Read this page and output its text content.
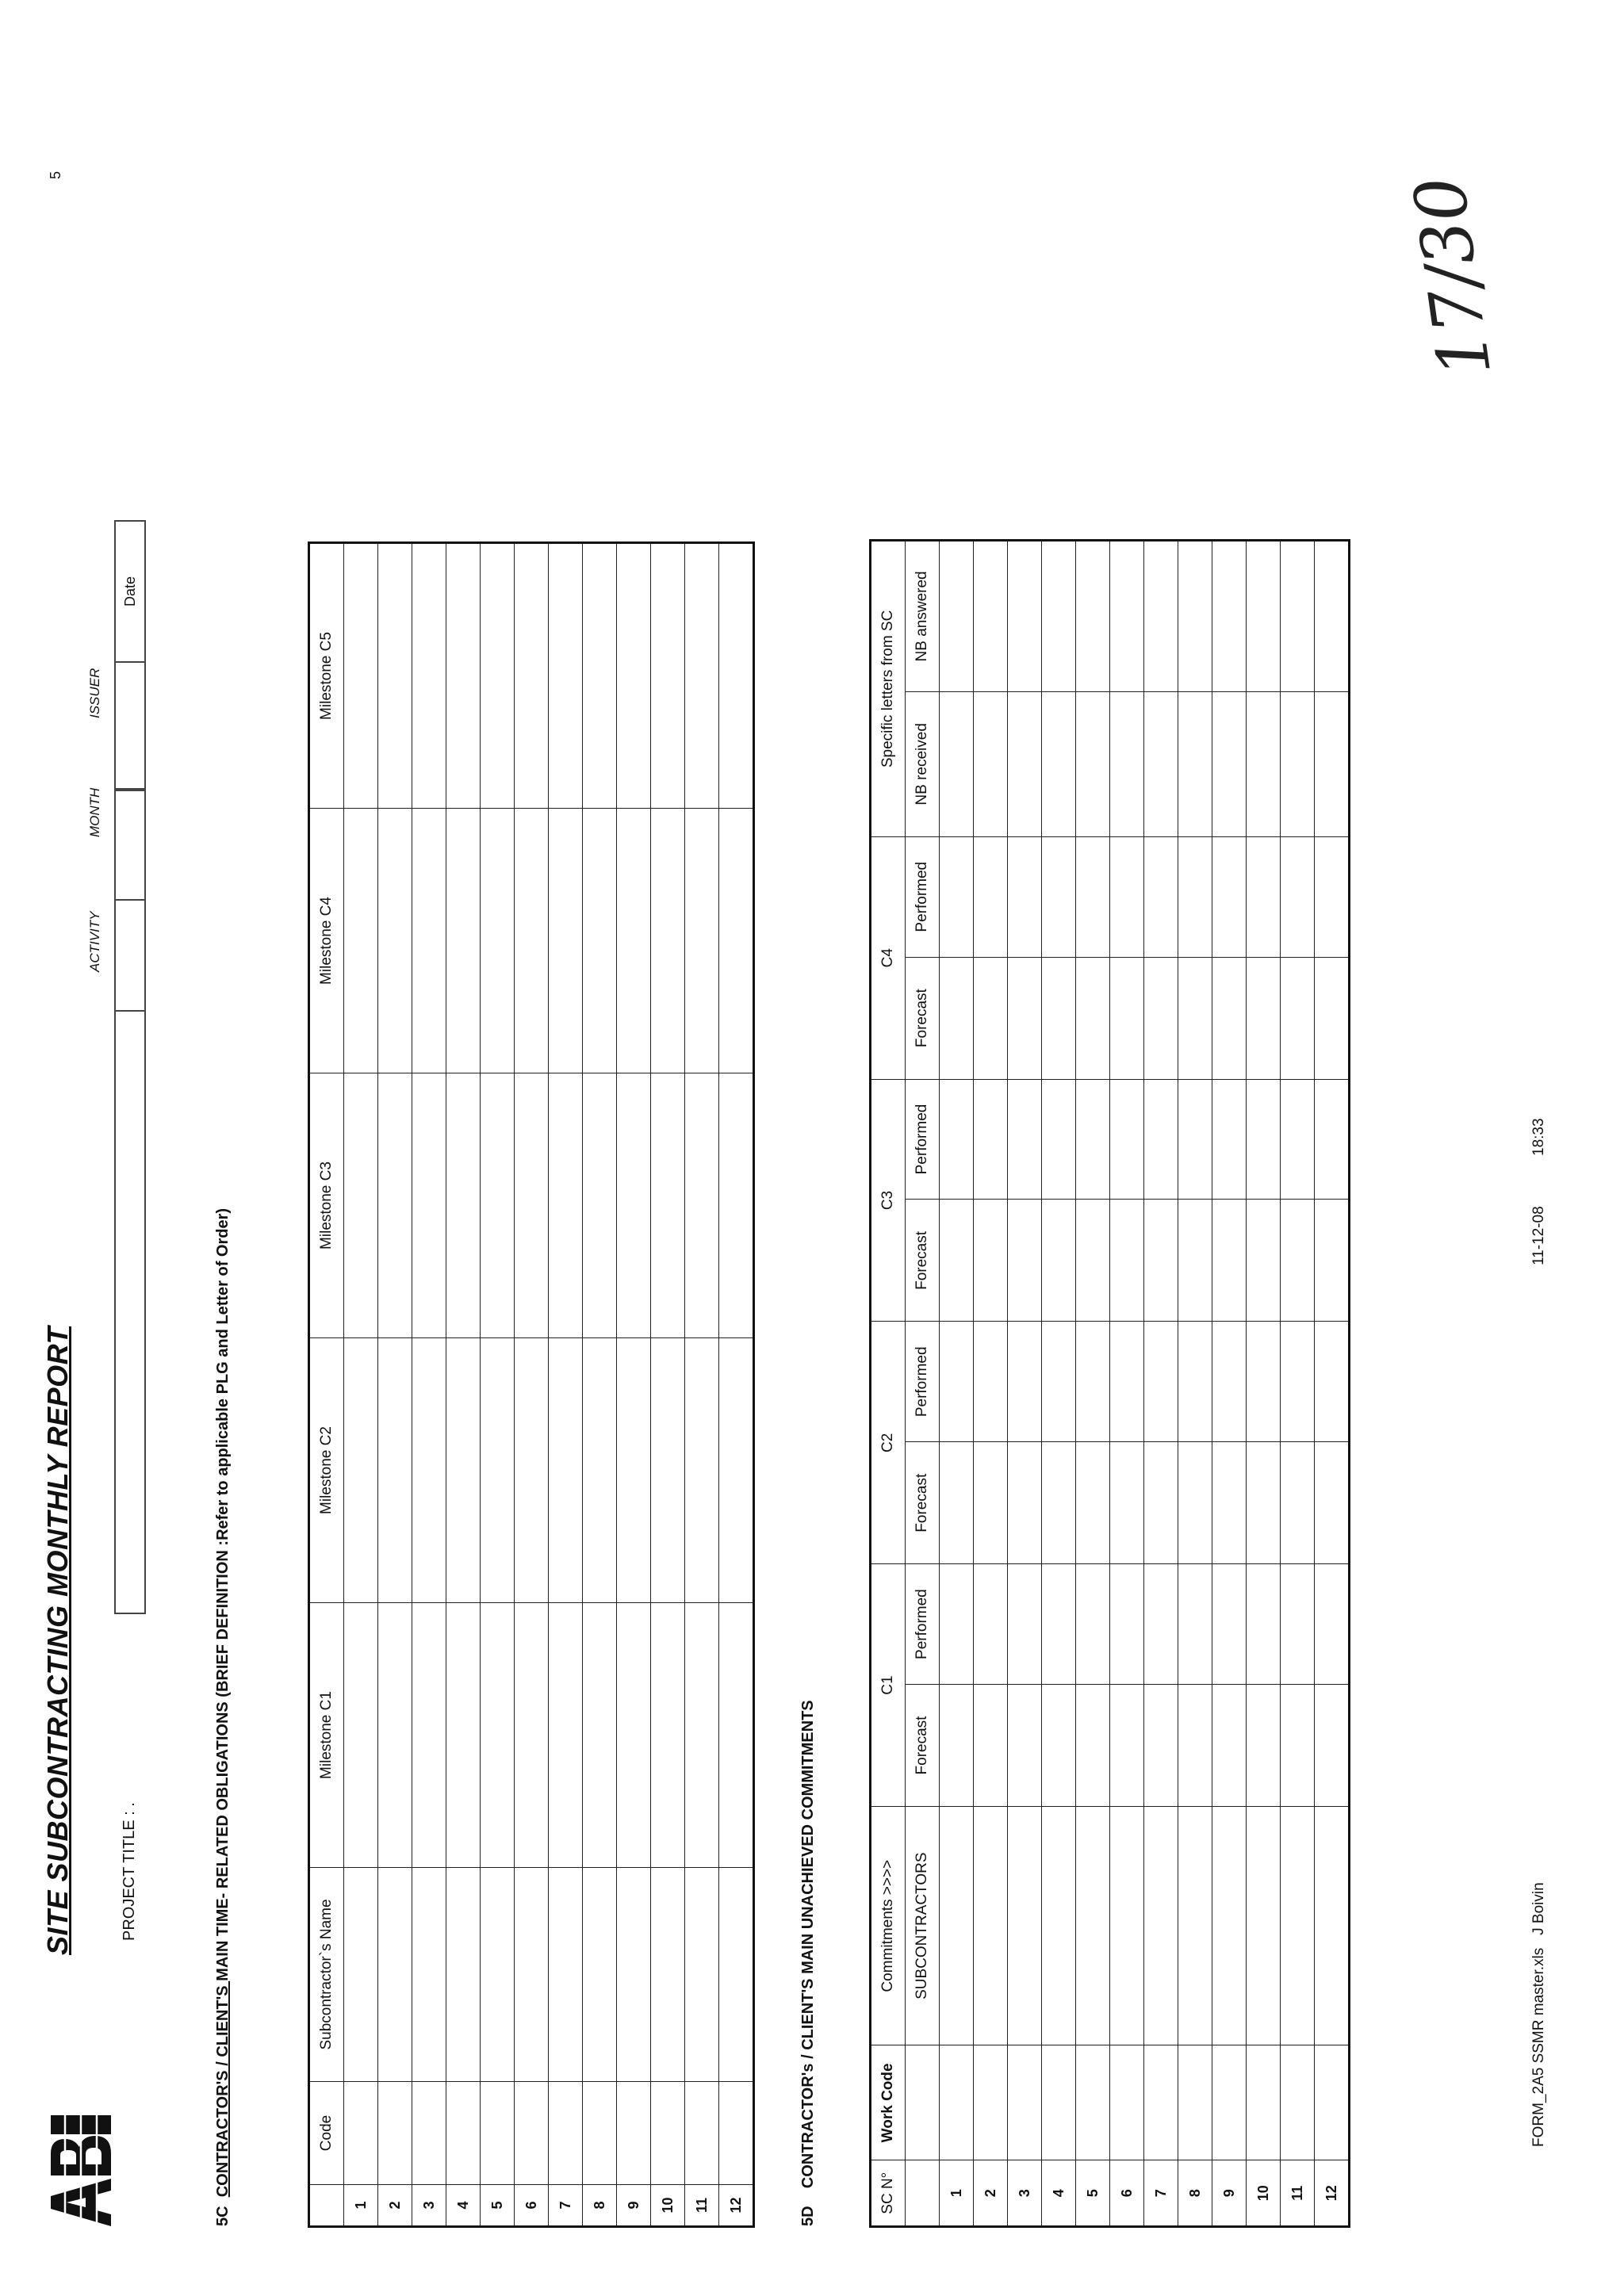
SITE SUBCONTRACTING MONTHLY REPORT	PROJECT TITLE : .
ACTIVITY
MONTH
ISSUER
Date
5
5C  CONTRACTOR'S / CLIENT'S MAIN TIME- RELATED OBLIGATIONS (BRIEF DEFINITION :Refer to applicable PLG and Letter of Order)
	Code	Subcontractor`s Name	Milestone C1	Milestone C2	Milestone C3	Milestone C4	Milestone C5
1							
2							
3							
4							
5							
6							
7							
8							
9							
10							
11							
12							
5D    CONTRACTOR's / CLIENT'S MAIN UNACHIEVED COMMITMENTS
SC N°	Work Code	Commitments >>>>	C1		C2		C3		C4		Specific letters from SC	
		SUBCONTRACTORS	Forecast	Performed	Forecast	Performed	Forecast	Performed	Forecast	Performed	NB received	NB answered
1												
2												
3												
4												
5												
6												
7												
8												
9												
10												
11												
12												
17/30
FORM_2A5 SSMR master.xls   J Boivin
11-12-08            18:33
